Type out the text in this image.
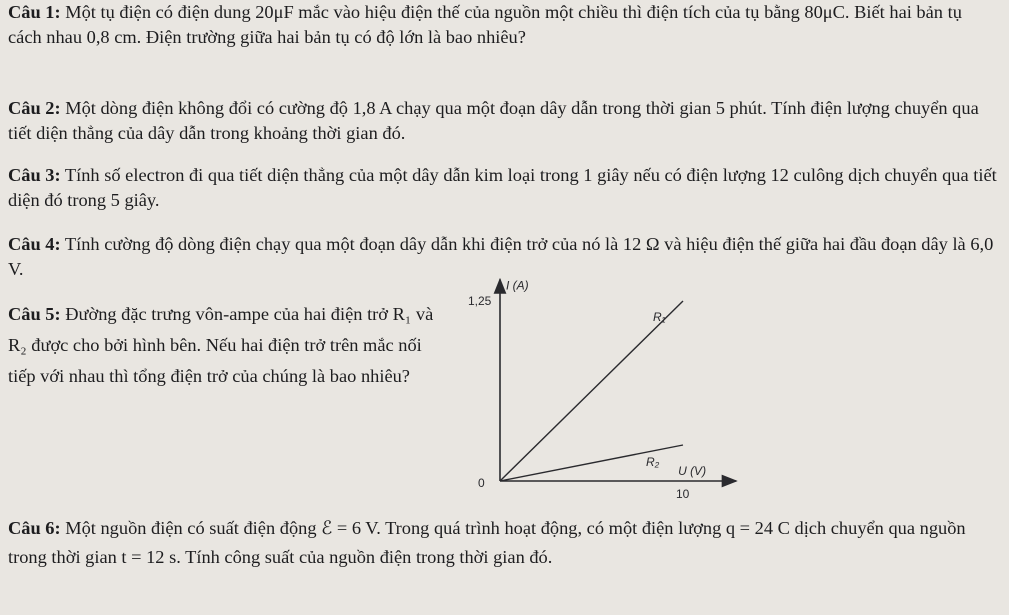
Câu 1: Một tụ điện có điện dung 20μF mắc vào hiệu điện thế của nguồn một chiều thì điện tích của tụ bằng 80μC. Biết hai bản tụ cách nhau 0,8 cm. Điện trường giữa hai bản tụ có độ lớn là bao nhiêu?
Câu 2: Một dòng điện không đổi có cường độ 1,8 A chạy qua một đoạn dây dẫn trong thời gian 5 phút. Tính điện lượng chuyển qua tiết diện thẳng của dây dẫn trong khoảng thời gian đó.
Câu 3: Tính số electron đi qua tiết diện thẳng của một dây dẫn kim loại trong 1 giây nếu có điện lượng 12 culông dịch chuyển qua tiết diện đó trong 5 giây.
Câu 4: Tính cường độ dòng điện chạy qua một đoạn dây dẫn khi điện trở của nó là 12 Ω và hiệu điện thế giữa hai đầu đoạn dây là 6,0 V.
Câu 5: Đường đặc trưng vôn-ampe của hai điện trở R₁ và R₂ được cho bởi hình bên. Nếu hai điện trở trên mắc nối tiếp với nhau thì tổng điện trở của chúng là bao nhiêu?
Câu 6: Một nguồn điện có suất điện động ℰ = 6 V. Trong quá trình hoạt động, có một điện lượng q = 24 C dịch chuyển qua nguồn trong thời gian t = 12 s. Tính công suất của nguồn điện trong thời gian đó.
I (A)
U (V)
0
1,25
10
R₁
R₂
